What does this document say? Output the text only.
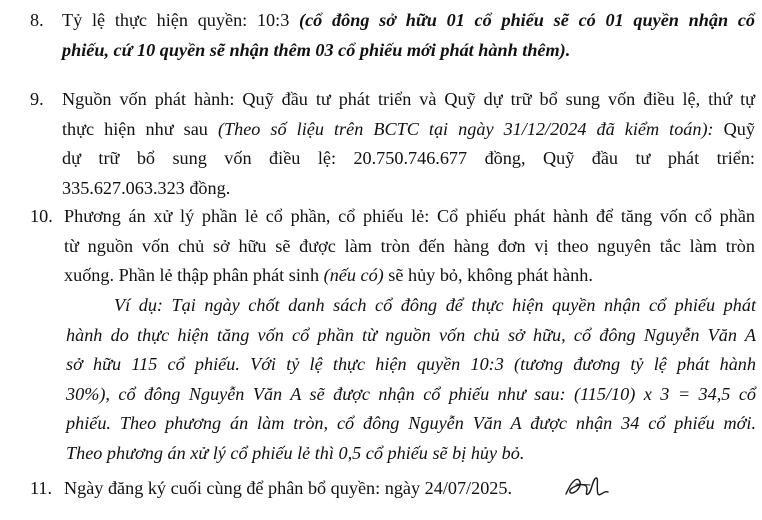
8. Tỷ lệ thực hiện quyền: 10:3 (cổ đông sở hữu 01 cổ phiếu sẽ có 01 quyền nhận cổ
phiếu, cứ 10 quyền sẽ nhận thêm 03 cổ phiếu mới phát hành thêm).
9. Nguồn vốn phát hành: Quỹ đầu tư phát triển và Quỹ dự trữ bổ sung vốn điều lệ, thứ tự
thực hiện như sau (Theo số liệu trên BCTC tại ngày 31/12/2024 đã kiểm toán): Quỹ
dự trữ bổ sung vốn điều lệ: 20.750.746.677 đồng, Quỹ đầu tư phát triển:
335.627.063.323 đồng.
10. Phương án xử lý phần lẻ cổ phần, cổ phiếu lẻ: Cổ phiếu phát hành để tăng vốn cổ phần
từ nguồn vốn chủ sở hữu sẽ được làm tròn đến hàng đơn vị theo nguyên tắc làm tròn
xuống. Phần lẻ thập phân phát sinh (nếu có) sẽ hủy bỏ, không phát hành.
Ví dụ: Tại ngày chốt danh sách cổ đông để thực hiện quyền nhận cổ phiếu phát
hành do thực hiện tăng vốn cổ phần từ nguồn vốn chủ sở hữu, cổ đông Nguyễn Văn A
sở hữu 115 cổ phiếu. Với tỷ lệ thực hiện quyền 10:3 (tương đương tỷ lệ phát hành
30%), cổ đông Nguyễn Văn A sẽ được nhận cổ phiếu như sau: (115/10) x 3 = 34,5 cổ
phiếu. Theo phương án làm tròn, cổ đông Nguyễn Văn A được nhận 34 cổ phiếu mới.
Theo phương án xử lý cổ phiếu lẻ thì 0,5 cổ phiếu sẽ bị hủy bỏ.
11. Ngày đăng ký cuối cùng để phân bổ quyền: ngày 24/07/2025.
